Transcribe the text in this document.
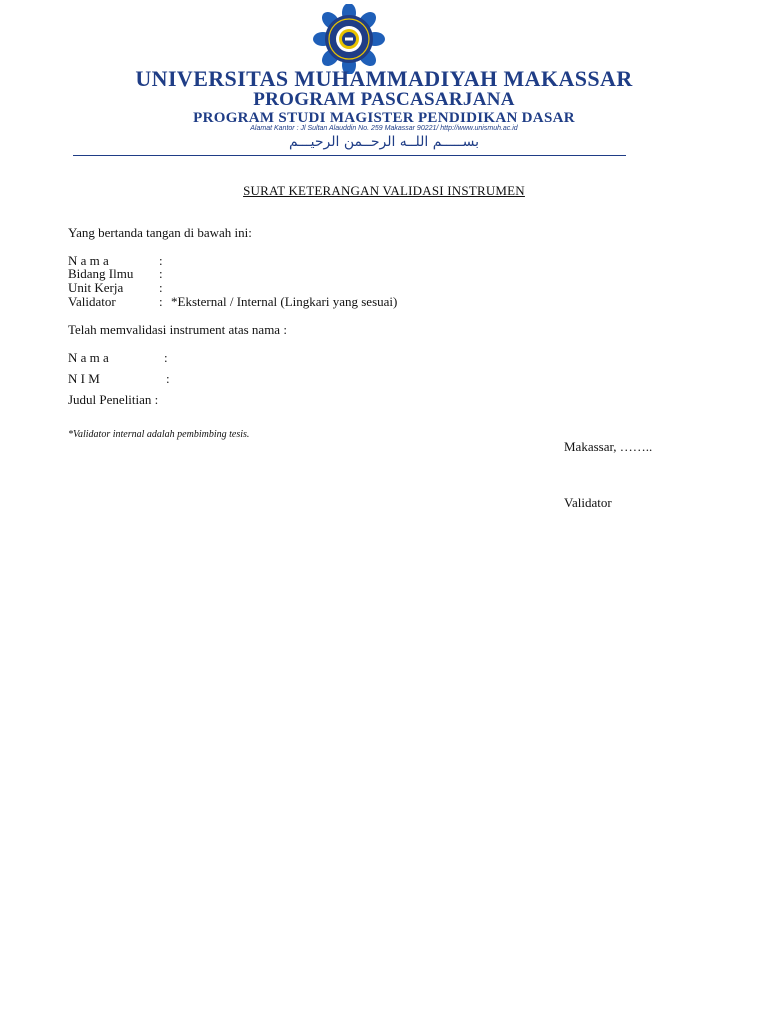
UNIVERSITAS MUHAMMADIYAH MAKASSAR
PROGRAM PASCASARJANA
PROGRAM STUDI MAGISTER PENDIDIKAN DASAR
Alamat Kantor : Jl Sultan Alauddin No. 259 Makassar 90221/ http://www.unismuh.ac.id
بســـــم اللــه الرحــمن الرحيـــم
SURAT KETERANGAN VALIDASI INSTRUMEN
Yang bertanda tangan di bawah ini:
N a m a	:
Bidang Ilmu :
Unit Kerja	:
Validator	: *Eksternal / Internal (Lingkari yang sesuai)
Telah memvalidasi instrument atas nama :
N a m a	:
N I M	:
Judul Penelitian :
*Validator internal adalah pembimbing tesis.
Makassar, ……..
Validator
